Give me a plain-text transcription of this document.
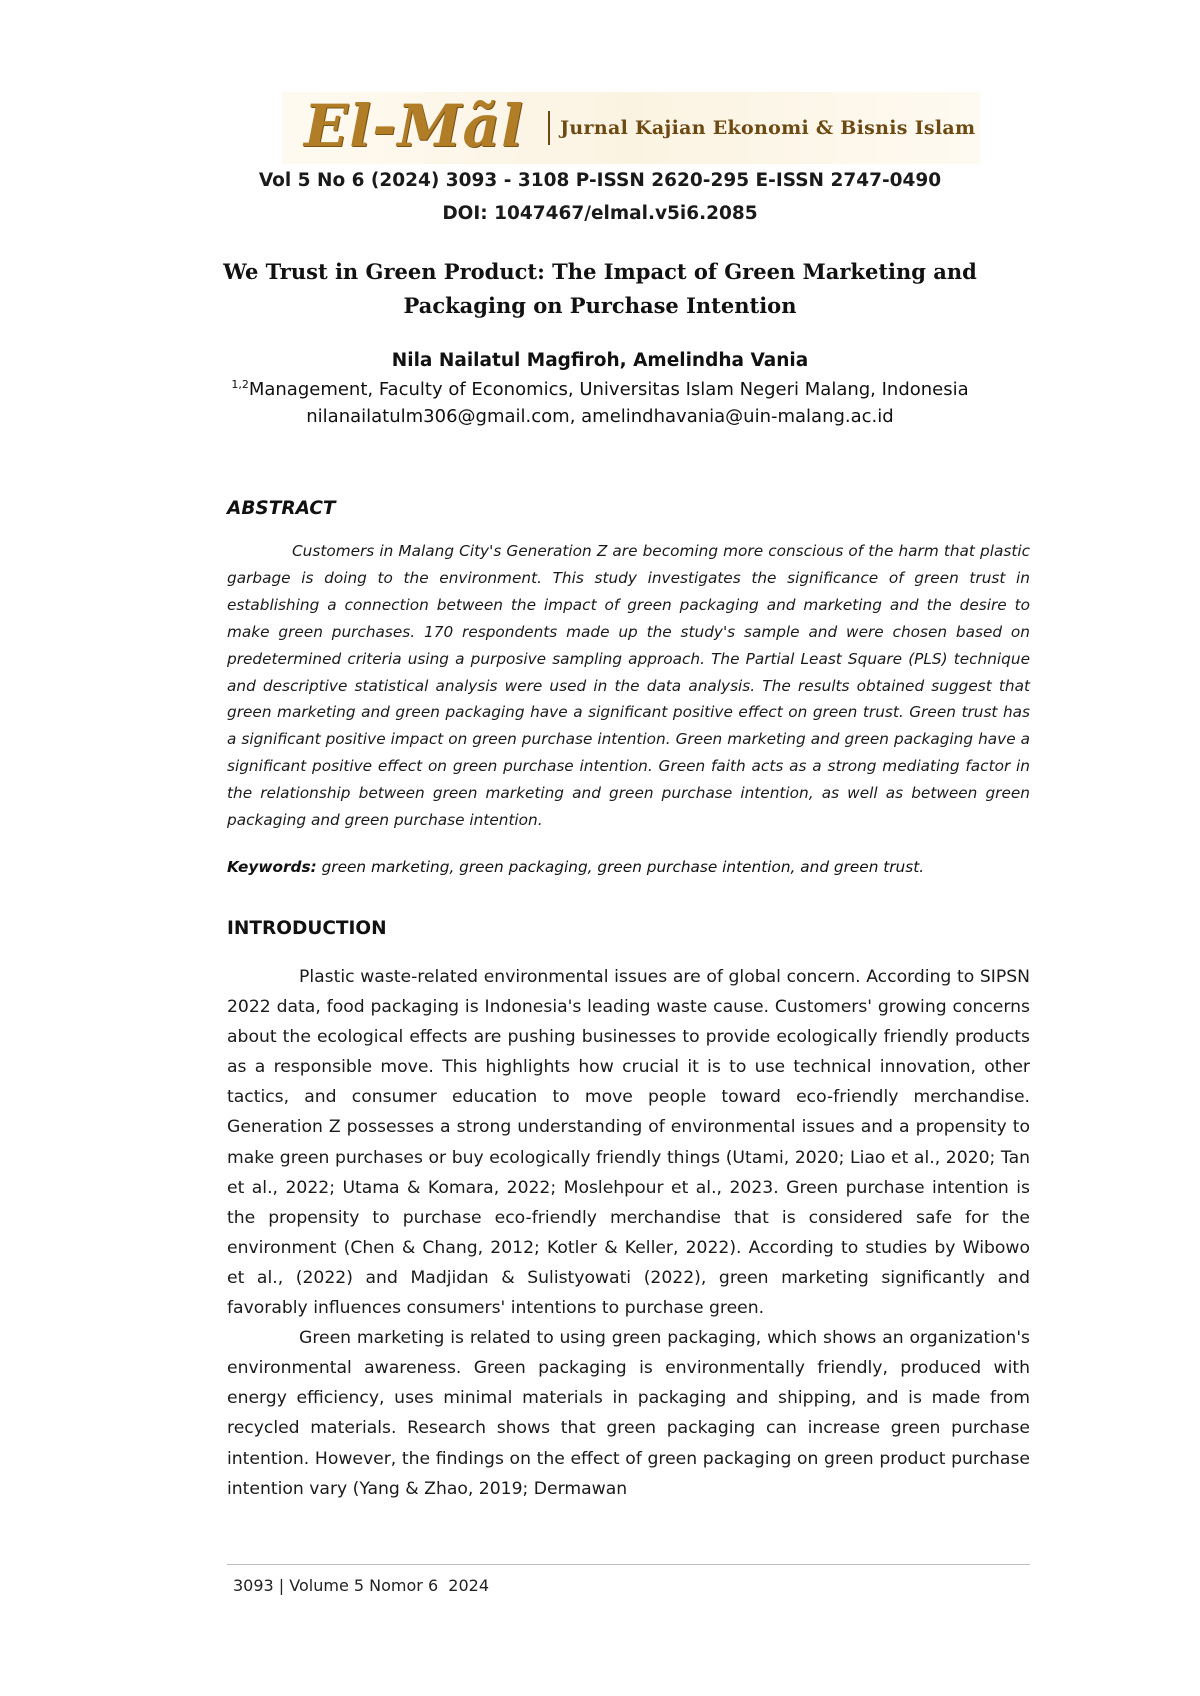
El-Mãl Jurnal Kajian Ekonomi & Bisnis Islam
Vol 5 No 6 (2024) 3093 - 3108 P-ISSN 2620-295 E-ISSN 2747-0490
DOI: 1047467/elmal.v5i6.2085
We Trust in Green Product: The Impact of Green Marketing and Packaging on Purchase Intention
Nila Nailatul Magfiroh, Amelindha Vania
$^{1,2}$Management, Faculty of Economics, Universitas Islam Negeri Malang, Indonesia
nilanailatulm306@gmail.com, amelindhavania@uin-malang.ac.id
ABSTRACT
Customers in Malang City's Generation Z are becoming more conscious of the harm that plastic garbage is doing to the environment. This study investigates the significance of green trust in establishing a connection between the impact of green packaging and marketing and the desire to make green purchases. 170 respondents made up the study's sample and were chosen based on predetermined criteria using a purposive sampling approach. The Partial Least Square (PLS) technique and descriptive statistical analysis were used in the data analysis. The results obtained suggest that green marketing and green packaging have a significant positive effect on green trust. Green trust has a significant positive impact on green purchase intention. Green marketing and green packaging have a significant positive effect on green purchase intention. Green faith acts as a strong mediating factor in the relationship between green marketing and green purchase intention, as well as between green packaging and green purchase intention.
Keywords: green marketing, green packaging, green purchase intention, and green trust.
INTRODUCTION

Plastic waste-related environmental issues are of global concern. According to SIPSN 2022 data, food packaging is Indonesia's leading waste cause. Customers' growing concerns about the ecological effects are pushing businesses to provide ecologically friendly products as a responsible move. This highlights how crucial it is to use technical innovation, other tactics, and consumer education to move people toward eco-friendly merchandise. Generation Z possesses a strong understanding of environmental issues and a propensity to make green purchases or buy ecologically friendly things (Utami, 2020; Liao et al., 2020; Tan et al., 2022; Utama & Komara, 2022; Moslehpour et al., 2023. Green purchase intention is the propensity to purchase eco-friendly merchandise that is considered safe for the environment (Chen & Chang, 2012; Kotler & Keller, 2022). According to studies by Wibowo et al., (2022) and Madjidan & Sulistyowati (2022), green marketing significantly and favorably influences consumers' intentions to purchase green.

Green marketing is related to using green packaging, which shows an organization's environmental awareness. Green packaging is environmentally friendly, produced with energy efficiency, uses minimal materials in packaging and shipping, and is made from recycled materials. Research shows that green packaging can increase green purchase intention. However, the findings on the effect of green packaging on green product purchase intention vary (Yang & Zhao, 2019; Dermawan

3093 | Volume 5 Nomor 6  2024
